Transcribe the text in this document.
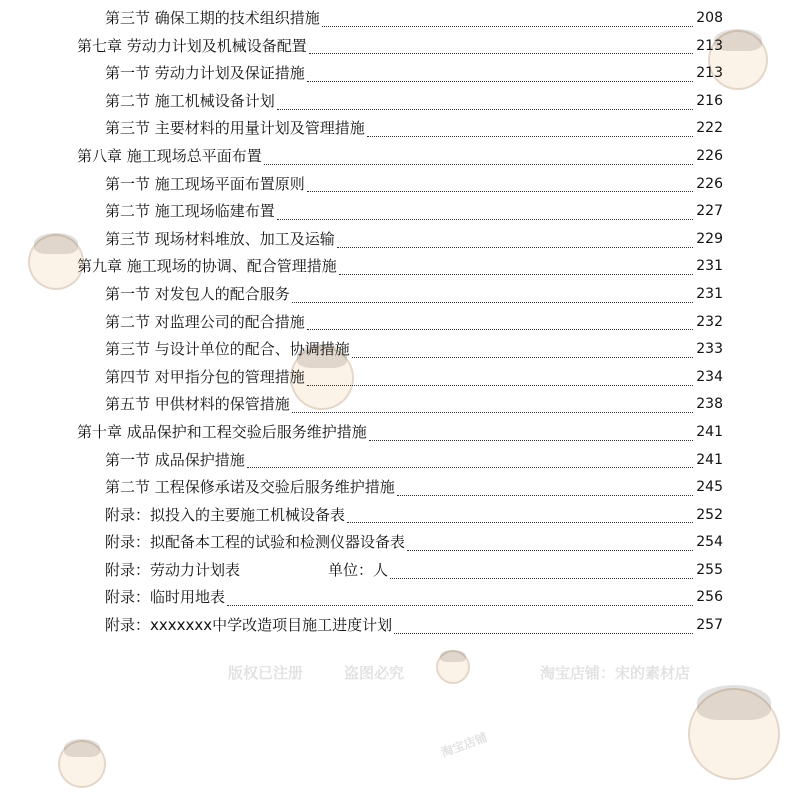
版权已注册	盗图必究	淘宝店铺：宋的素材店
淘宝店铺
第三节 确保工期的技术组织措施	208
第七章 劳动力计划及机械设备配置	213
第一节 劳动力计划及保证措施	213
第二节 施工机械设备计划	216
第三节 主要材料的用量计划及管理措施	222
第八章 施工现场总平面布置	226
第一节 施工现场平面布置原则	226
第二节 施工现场临建布置	227
第三节 现场材料堆放、加工及运输	229
第九章 施工现场的协调、配合管理措施	231
第一节 对发包人的配合服务	231
第二节 对监理公司的配合措施	232
第三节 与设计单位的配合、协调措施	233
第四节 对甲指分包的管理措施	234
第五节 甲供材料的保管措施	238
第十章 成品保护和工程交验后服务维护措施	241
第一节 成品保护措施	241
第二节 工程保修承诺及交验后服务维护措施	245
附录：拟投入的主要施工机械设备表	252
附录：拟配备本工程的试验和检测仪器设备表	254
附录：劳动力计划表	单位：人	255
附录：临时用地表	256
附录：xxxxxxx中学改造项目施工进度计划	257
